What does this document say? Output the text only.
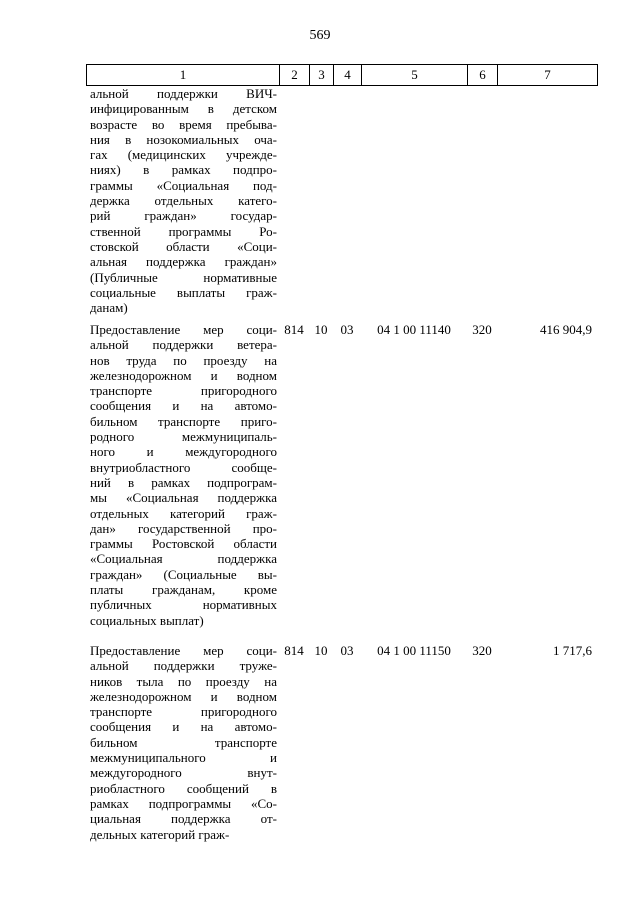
569
1	2	3	4	5	6	7
альной поддержки ВИЧ-
инфицированным в детском
возрасте во время пребыва-
ния в нозокомиальных оча-
гах (медицинских учрежде-
ниях) в рамках подпро-
граммы «Социальная под-
держка отдельных катего-
рий граждан» государ-
ственной программы Ро-
стовской области «Соци-
альная поддержка граждан»
(Публичные нормативные
социальные выплаты граж-
данам)
Предоставление мер соци-
альной поддержки ветера-
нов труда по проезду на
железнодорожном и водном
транспорте пригородного
сообщения и на автомо-
бильном транспорте приго-
родного межмуниципаль-
ного и междугородного
внутриобластного сообще-
ний в рамках подпрограм-
мы «Социальная поддержка
отдельных категорий граж-
дан» государственной про-
граммы Ростовской области
«Социальная поддержка
граждан» (Социальные вы-
платы гражданам, кроме
публичных нормативных
социальных выплат)
814 10	03	04 1 00 11140	320	416 904,9
Предоставление мер соци-
альной поддержки труже-
ников тыла по проезду на
железнодорожном и водном
транспорте пригородного
сообщения и на автомо-
бильном транспорте
межмуниципального и
междугородного внут-
риобластного сообщений в
рамках подпрограммы «Со-
циальная поддержка от-
дельных категорий граж-
814 10	03	04 1 00 11150	320	1 717,6
